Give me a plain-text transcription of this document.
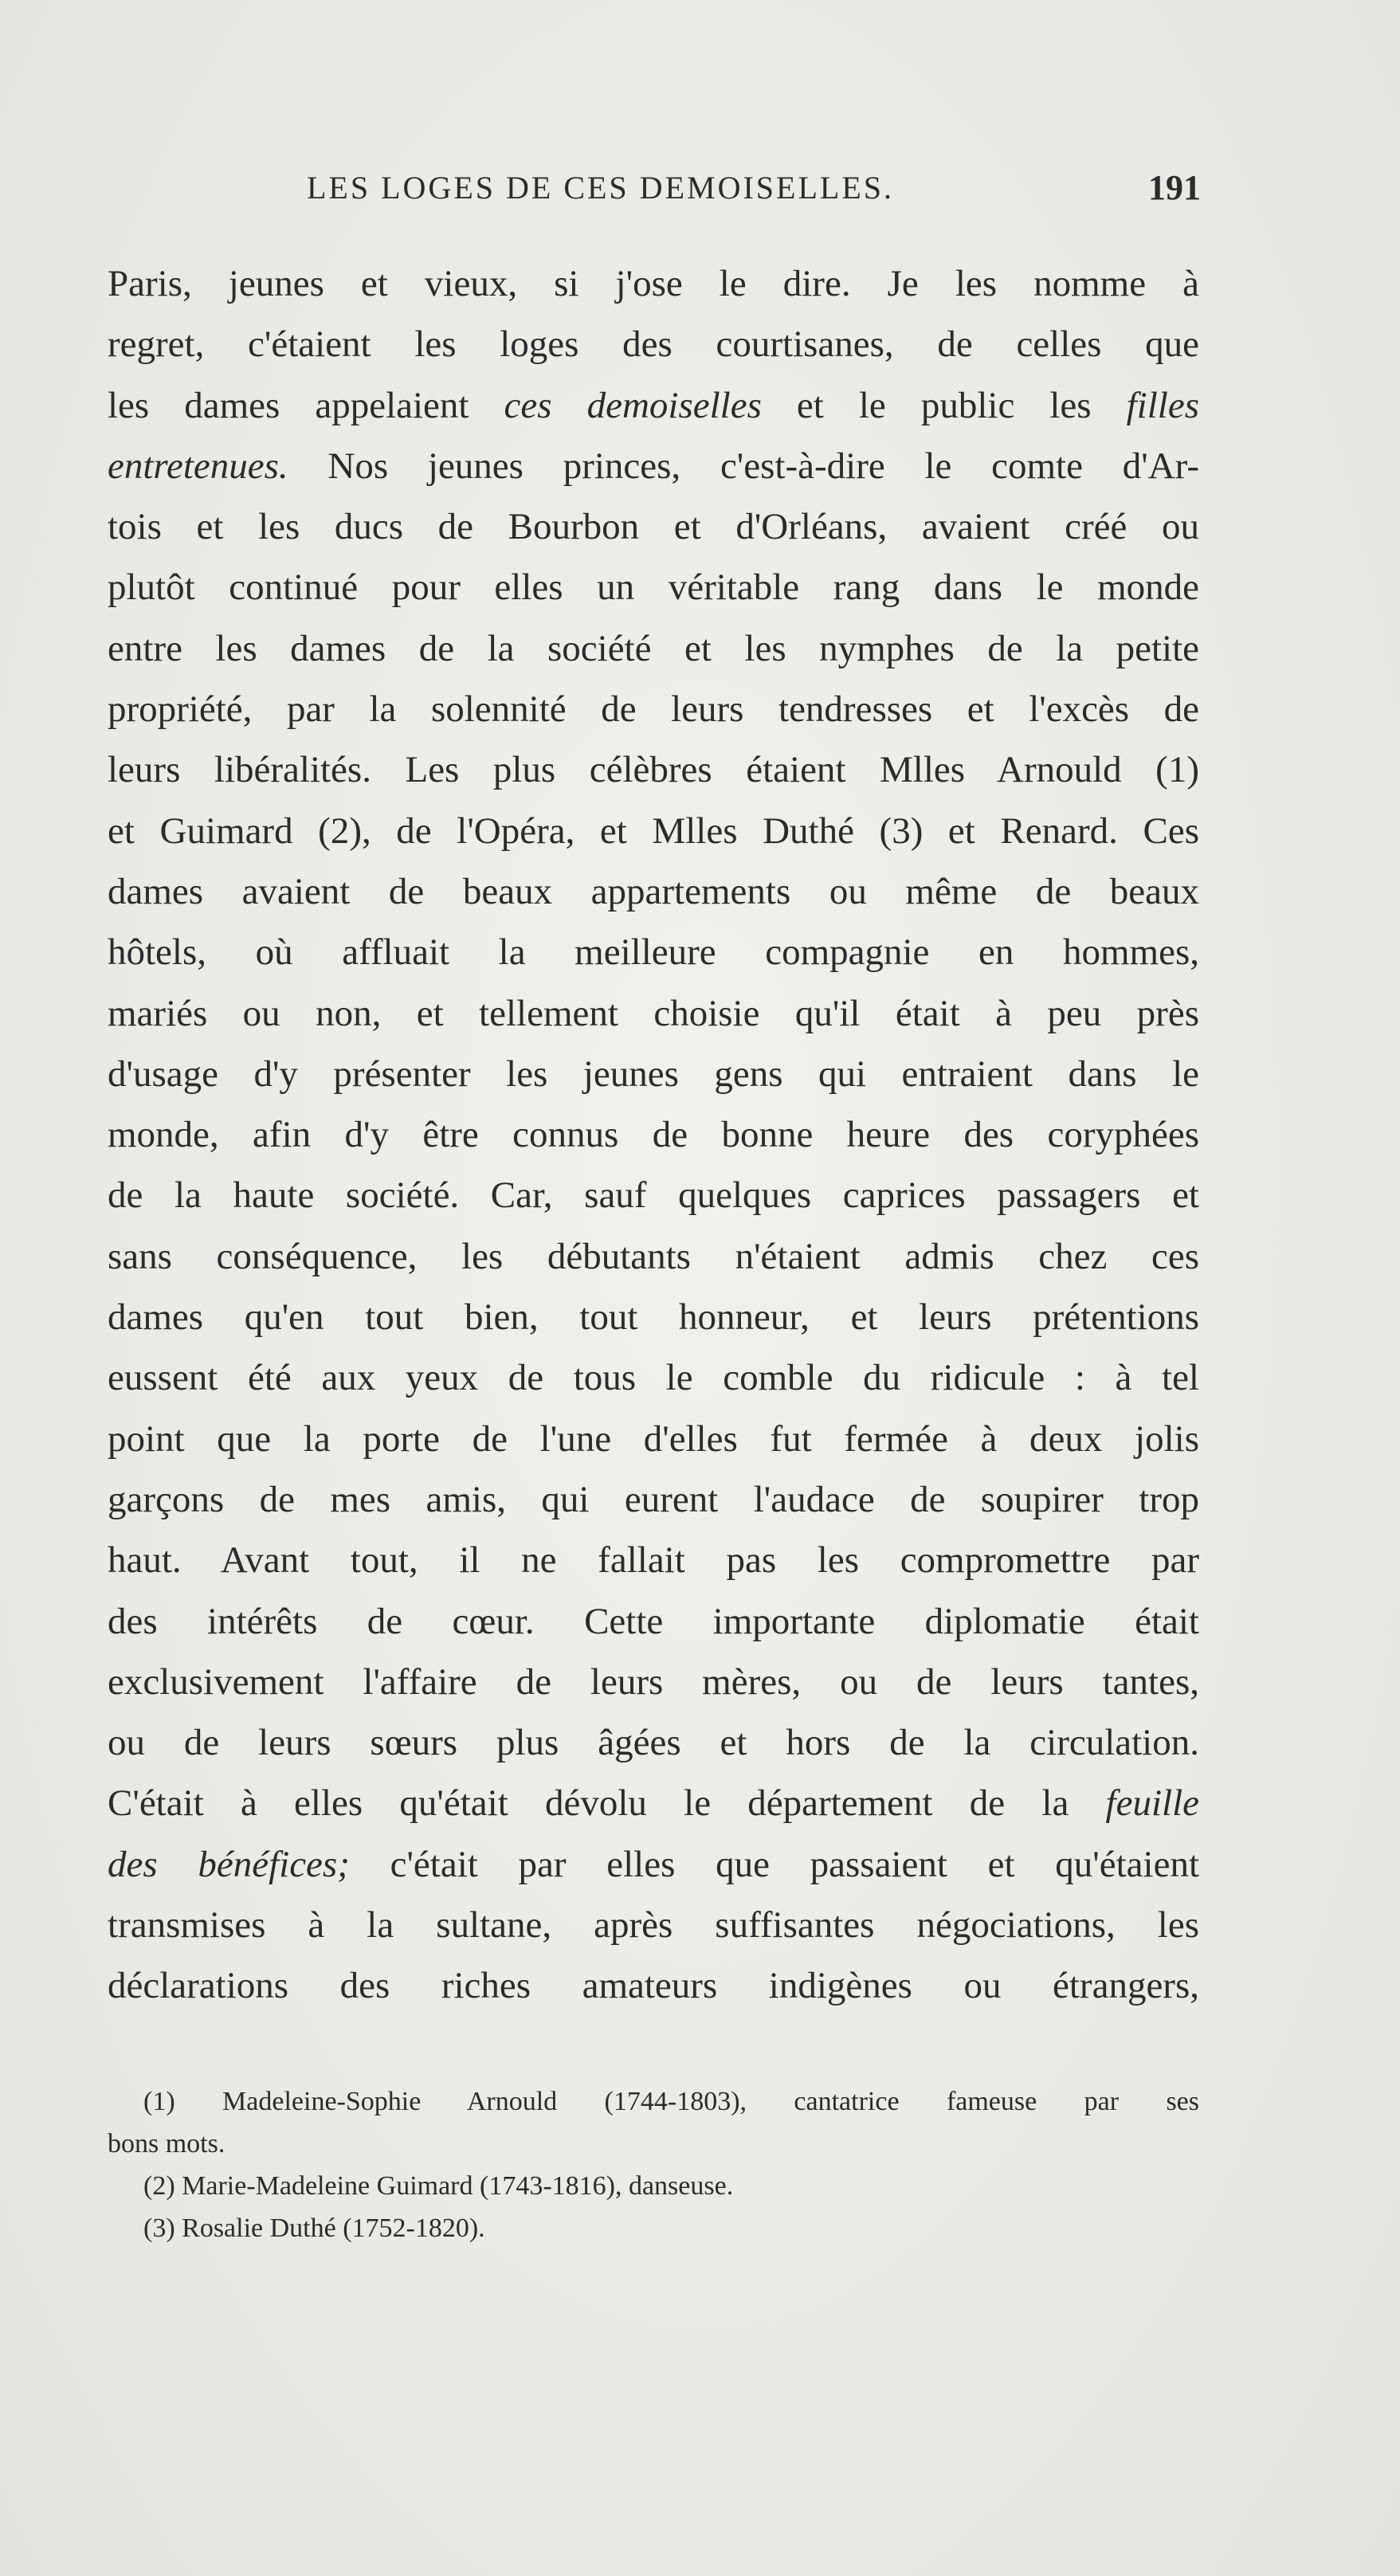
LES LOGES DE CES DEMOISELLES.	191
Paris, jeunes et vieux, si j'ose le dire. Je les nomme à
regret, c'étaient les loges des courtisanes, de celles que
les dames appelaient ces demoiselles et le public les filles
entretenues. Nos jeunes princes, c'est-à-dire le comte d'Ar-
tois et les ducs de Bourbon et d'Orléans, avaient créé ou
plutôt continué pour elles un véritable rang dans le monde
entre les dames de la société et les nymphes de la petite
propriété, par la solennité de leurs tendresses et l'excès de
leurs libéralités. Les plus célèbres étaient Mlles Arnould (1)
et Guimard (2), de l'Opéra, et Mlles Duthé (3) et Renard. Ces
dames avaient de beaux appartements ou même de beaux
hôtels, où affluait la meilleure compagnie en hommes,
mariés ou non, et tellement choisie qu'il était à peu près
d'usage d'y présenter les jeunes gens qui entraient dans le
monde, afin d'y être connus de bonne heure des coryphées
de la haute société. Car, sauf quelques caprices passagers et
sans conséquence, les débutants n'étaient admis chez ces
dames qu'en tout bien, tout honneur, et leurs prétentions
eussent été aux yeux de tous le comble du ridicule : à tel
point que la porte de l'une d'elles fut fermée à deux jolis
garçons de mes amis, qui eurent l'audace de soupirer trop
haut. Avant tout, il ne fallait pas les compromettre par
des intérêts de cœur. Cette importante diplomatie était
exclusivement l'affaire de leurs mères, ou de leurs tantes,
ou de leurs sœurs plus âgées et hors de la circulation.
C'était à elles qu'était dévolu le département de la feuille
des bénéfices; c'était par elles que passaient et qu'étaient
transmises à la sultane, après suffisantes négociations, les
déclarations des riches amateurs indigènes ou étrangers,
(1) Madeleine-Sophie Arnould (1744-1803), cantatrice fameuse par ses
bons mots.
(2) Marie-Madeleine Guimard (1743-1816), danseuse.
(3) Rosalie Duthé (1752-1820).
